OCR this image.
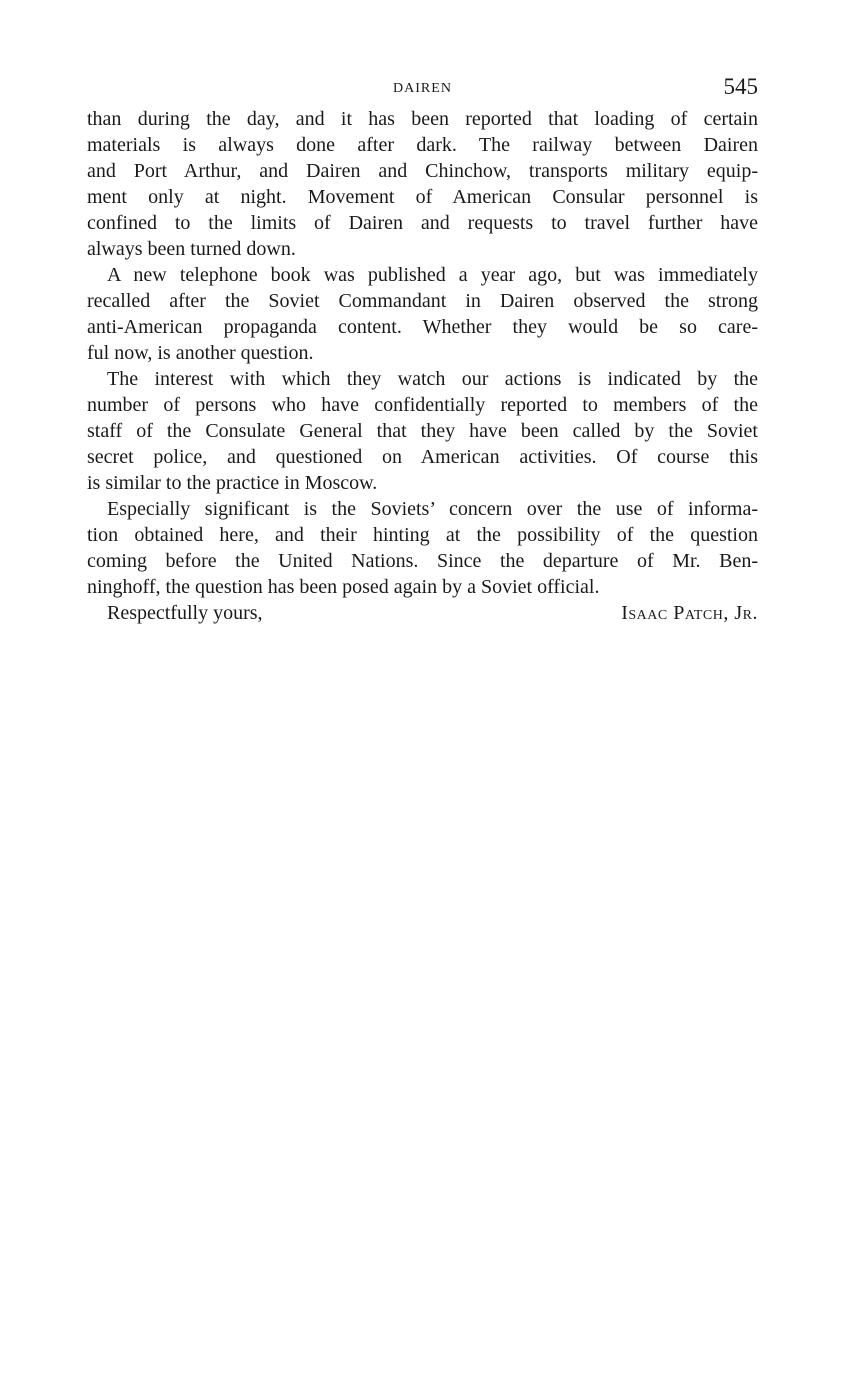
DAIREN	545
than during the day, and it has been reported that loading of certain
materials is always done after dark. The railway between Dairen
and Port Arthur, and Dairen and Chinchow, transports military equip-
ment only at night. Movement of American Consular personnel is
confined to the limits of Dairen and requests to travel further have
always been turned down.
A new telephone book was published a year ago, but was immediately
recalled after the Soviet Commandant in Dairen observed the strong
anti-American propaganda content. Whether they would be so care-
ful now, is another question.
The interest with which they watch our actions is indicated by the
number of persons who have confidentially reported to members of the
staff of the Consulate General that they have been called by the Soviet
secret police, and questioned on American activities. Of course this
is similar to the practice in Moscow.
Especially significant is the Soviets’ concern over the use of informa-
tion obtained here, and their hinting at the possibility of the question
coming before the United Nations. Since the departure of Mr. Ben-
ninghoff, the question has been posed again by a Soviet official.
Respectfully yours,	Isaac Patch, Jr.
